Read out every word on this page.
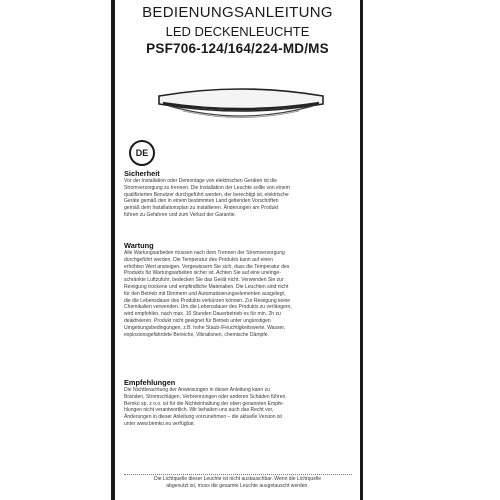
BEDIENUNGSANLEITUNG
LED DECKENLEUCHTE
PSF706-124/164/224-MD/MS
DE

Sicherheit

Vor der Installation oder Demontage von elektrischen Geräten ist die

Stromversorgung zu trennen. Die Installation der Leuchte sollte von einem

qualifizierten Benutzer durchgeführt werden, der berechtigt ist, elektrische

Geräte gemäß den in einem bestimmten Land geltenden Vorschriften

gemäß dem Installationsplan zu installieren. Änderungen am Produkt

führen zu Gefahren und zum Verlust der Garantie.

Wartung

Alle Wartungsarbeiten müssen nach dem Trennen der Stromversorgung

durchgeführt werden. Die Temperatur des Produkts kann auf einen

erhöhten Wert ansteigen. Vergewissern Sie sich, dass die Temperatur des

Produkts für Wartungsarbeiten sicher ist. Achten Sie auf eine uneinge-

schränkte Luftzufuhr, bedecken Sie das Gerät nicht. Verwenden Sie zur

Reinigung trockene und empfindliche Materialien. Die Leuchten sind nicht

für den Betrieb mit Dimmern und Automatisierungselementen ausgelegt,

die die Lebensdauer des Produkts verkürzen können. Zur Reinigung keine

Chemikalien verwenden. Um die Lebensdauer des Produkts zu verlängern,

wird empfohlen, nach max. 10 Stunden Dauerbetrieb es für min. 2h zu

deaktivieren. Produkt nicht geeignet für Betrieb unter ungünstigen

Umgebungsbedingungen, z.B. hohe Staub-/Feuchtigkeitswerte, Wasser,

explosionsgefährdete Bereiche, Vibrationen, chemische Dämpfe.

Empfehlungen

Die Nichtbeachtung der Anweisungen in dieser Anleitung kann zu

Bränden, Stromschlägen, Verbrennungen oder anderen Schäden führen.

Bemko sp. z o.o. ist für die Nichteinhaltung der oben genannten Empfe-

hlungen nicht verantwortlich. Wir behalten uns auch das Recht vor,

Änderungen in dieser Anleitung vorzunehmen – die aktuelle Version ist

unter www.bemko.eu verfügbar.

Die Lichtquelle dieser Leuchte ist nicht austauschbar. Wenn die Lichtquelle
abgenutzt ist, muss die gesamte Leuchte ausgetauscht werden.
